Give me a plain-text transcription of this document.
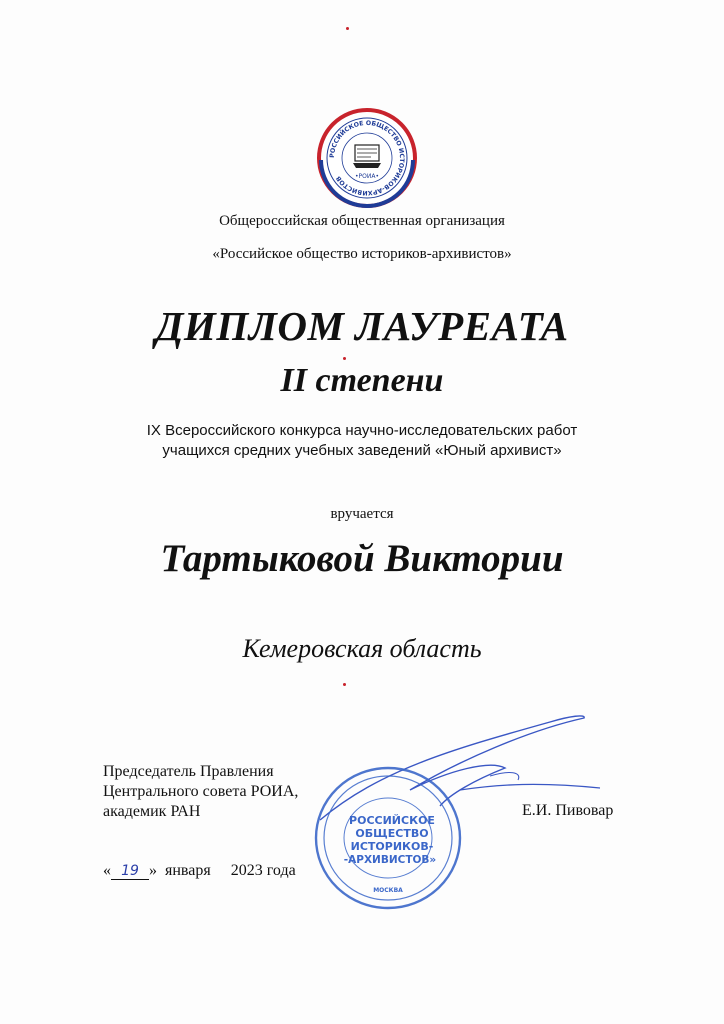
РОССИЙСКОЕ ОБЩЕСТВО ИСТОРИКОВ-АРХИВИСТОВ	•РОИА•
Общероссийская общественная организация
«Российское общество историков-архивистов»
ДИПЛОМ ЛАУРЕАТА
II степени
IX Всероссийского конкурса научно-исследовательских работ
учащихся средних учебных заведений «Юный архивист»
вручается
Тартыковой Виктории
Кемеровская область
РОССИЙСКОЕ
ОБЩЕСТВО
ИСТОРИКОВ-
-АРХИВИСТОВ»
МОСКВА
Председатель Правления
Центрального совета РОИА,
академик РАН	Е.И. Пивовар
« 19 » января 2023 года
